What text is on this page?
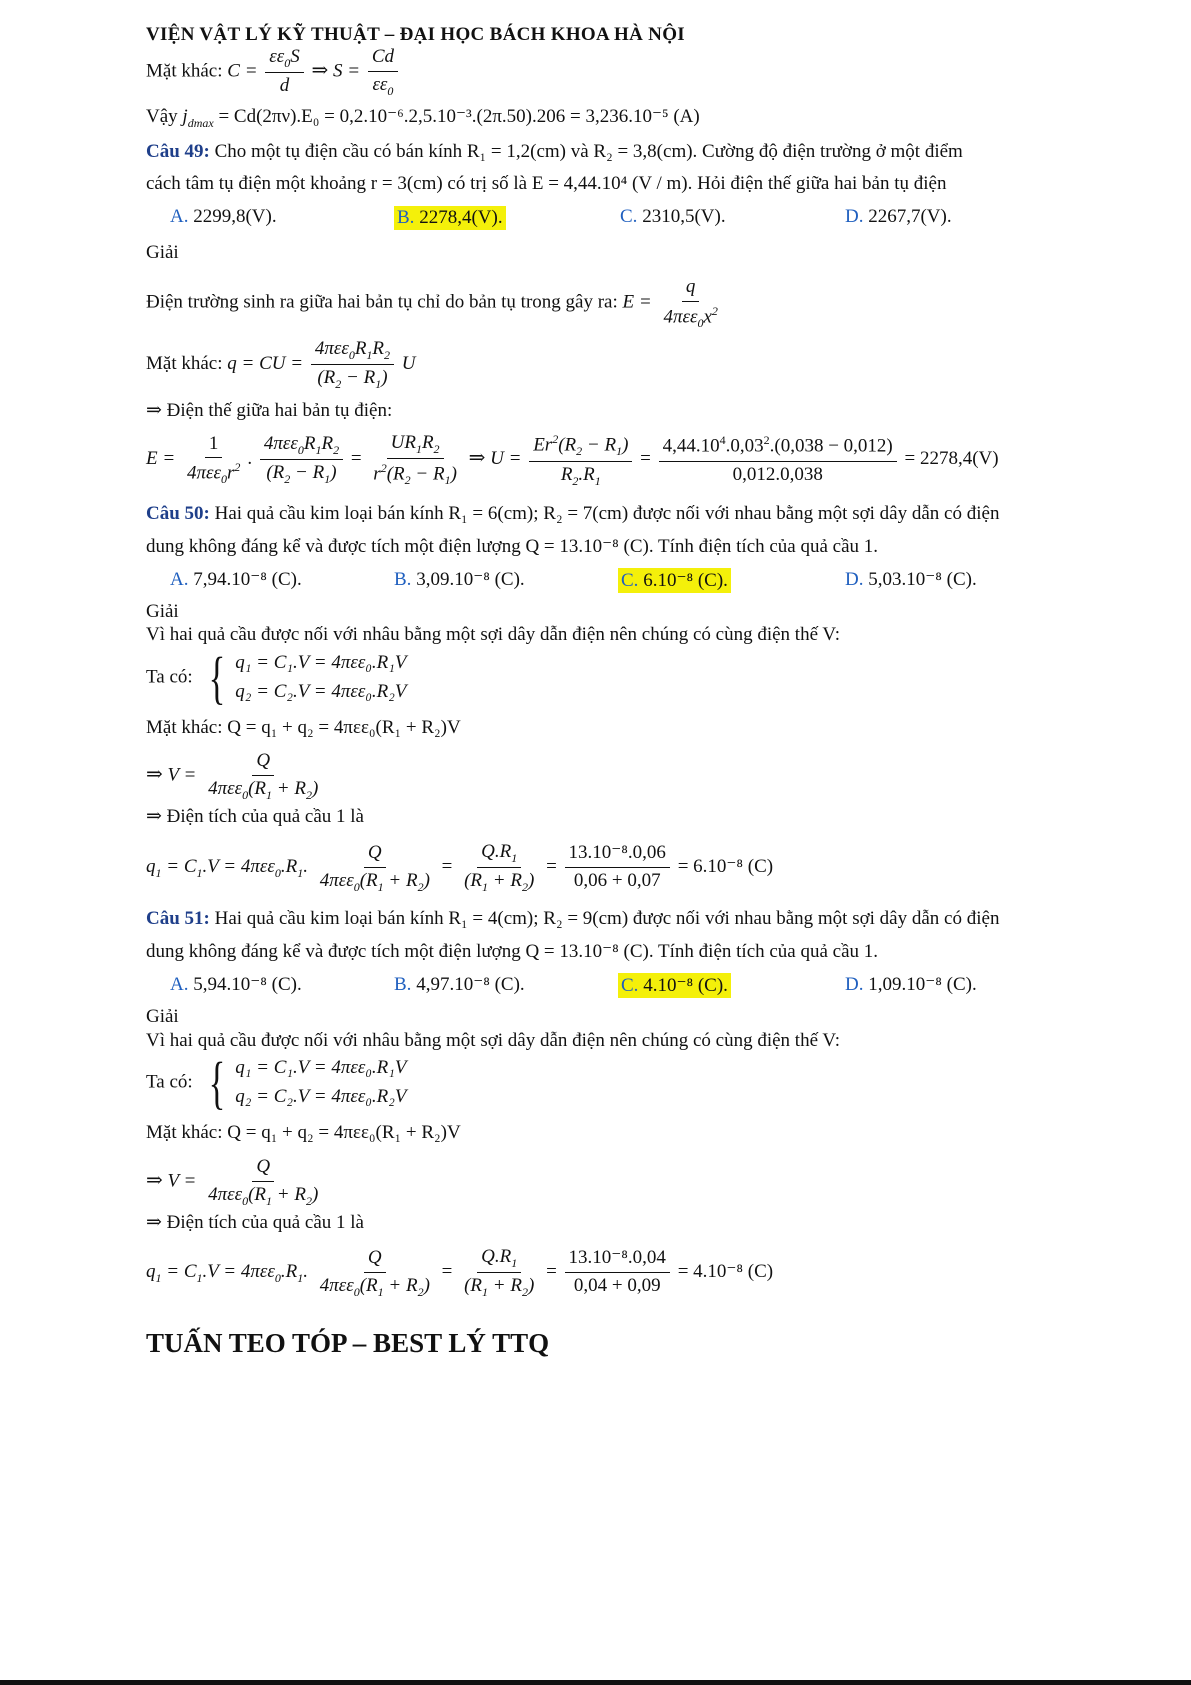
VIỆN VẬT LÝ KỸ THUẬT – ĐẠI HỌC BÁCH KHOA HÀ NỘI
Mặt khác: $C = \frac{\varepsilon\varepsilon_0S}{d}$ ⇒ $S = \frac{Cd}{\varepsilon\varepsilon_0}$
Vậy $j_{dmax} = Cd(2\pi\nu).E_0 = 0,2.10^{-6}.2,5.10^{-3}.(2\pi.50).206 = 3,236.10^{-5}$ (A)
Câu 49: Cho một tụ điện cầu có bán kính R₁ = 1,2(cm) và R₂ = 3,8(cm). Cường độ điện trường ở một điểm
cách tâm tụ điện một khoảng r = 3(cm) có trị số là E = 4,44.10⁴ (V / m). Hỏi điện thế giữa hai bản tụ điện
A. 2299,8(V).	B. 2278,4(V).	C. 2310,5(V).	D. 2267,7(V).
Giải
Điện trường sinh ra giữa hai bản tụ chỉ do bản tụ trong gây ra: $E = \frac{q}{4\pi\varepsilon\varepsilon_0x^2}$
Mặt khác: q = CU = $\frac{4\pi\varepsilon\varepsilon_0R_1R_2}{(R_2 - R_1)}$ U
⇒ Điện thế giữa hai bản tụ điện:
$E = \frac{1}{4\pi\varepsilon\varepsilon_0r^2}$ . $\frac{4\pi\varepsilon\varepsilon_0R_1R_2}{(R_2 - R_1)} = \frac{UR_1R_2}{r^2(R_2 - R_1)}$ ⇒ $U = \frac{Er^2(R_2 - R_1)}{R_2.R_1} = \frac{4,44.10^4.0,03^2.(0,038 - 0,012)}{0,012.0,038} = 2278,4(V)$
Câu 50: Hai quả cầu kim loại bán kính R₁ = 6(cm); R₂ = 7(cm) được nối với nhau bằng một sợi dây dẫn có điện
dung không đáng kể và được tích một điện lượng Q = 13.10⁻⁸ (C). Tính điện tích của quả cầu 1.
A. 7,94.10⁻⁸ (C).	B. 3,09.10⁻⁸ (C).	C. 6.10⁻⁸ (C).	D. 5,03.10⁻⁸ (C).
Giải
Vì hai quả cầu được nối với nhâu bằng một sợi dây dẫn điện nên chúng có cùng điện thế V:
Ta có: { q₁ = C₁.V = 4πεε₀.R₁V
q₂ = C₂.V = 4πεε₀.R₂V
Mặt khác: Q = q₁ + q₂ = 4πεε₀(R₁ + R₂)V
⇒ $V = \frac{Q}{4\pi\varepsilon\varepsilon_0(R_1 + R_2)}$
⇒ Điện tích của quả cầu 1 là
$q_1 = C_1.V = 4\pi\varepsilon\varepsilon_0.R_1$. $\frac{Q}{4\pi\varepsilon\varepsilon_0(R_1 + R_2)} = \frac{Q.R_1}{(R_1 + R_2)} = \frac{\text{13.10⁻⁸.0,06}}{0,06 + 0,07} = 6.10^{-8}$ (C)
Câu 51: Hai quả cầu kim loại bán kính R₁ = 4(cm); R₂ = 9(cm) được nối với nhau bằng một sợi dây dẫn có điện
dung không đáng kể và được tích một điện lượng Q = 13.10⁻⁸ (C). Tính điện tích của quả cầu 1.
A. 5,94.10⁻⁸ (C).	B. 4,97.10⁻⁸ (C).	C. 4.10⁻⁸ (C).	D. 1,09.10⁻⁸ (C).
Giải
Vì hai quả cầu được nối với nhâu bằng một sợi dây dẫn điện nên chúng có cùng điện thế V:
Ta có: { q₁ = C₁.V = 4πεε₀.R₁V
q₂ = C₂.V = 4πεε₀.R₂V
Mặt khác: Q = q₁ + q₂ = 4πεε₀(R₁ + R₂)V
⇒ $V = \frac{Q}{4\pi\varepsilon\varepsilon_0(R_1 + R_2)}$
⇒ Điện tích của quả cầu 1 là
$q_1 = C_1.V = 4\pi\varepsilon\varepsilon_0.R_1$. $\frac{Q}{4\pi\varepsilon\varepsilon_0(R_1 + R_2)} = \frac{Q.R_1}{(R_1 + R_2)} = \frac{\text{13.10⁻⁸.0,04}}{0,04 + 0,09} = 4.10^{-8}$ (C)
TUẤN TEO TÓP – BEST LÝ TTQ
